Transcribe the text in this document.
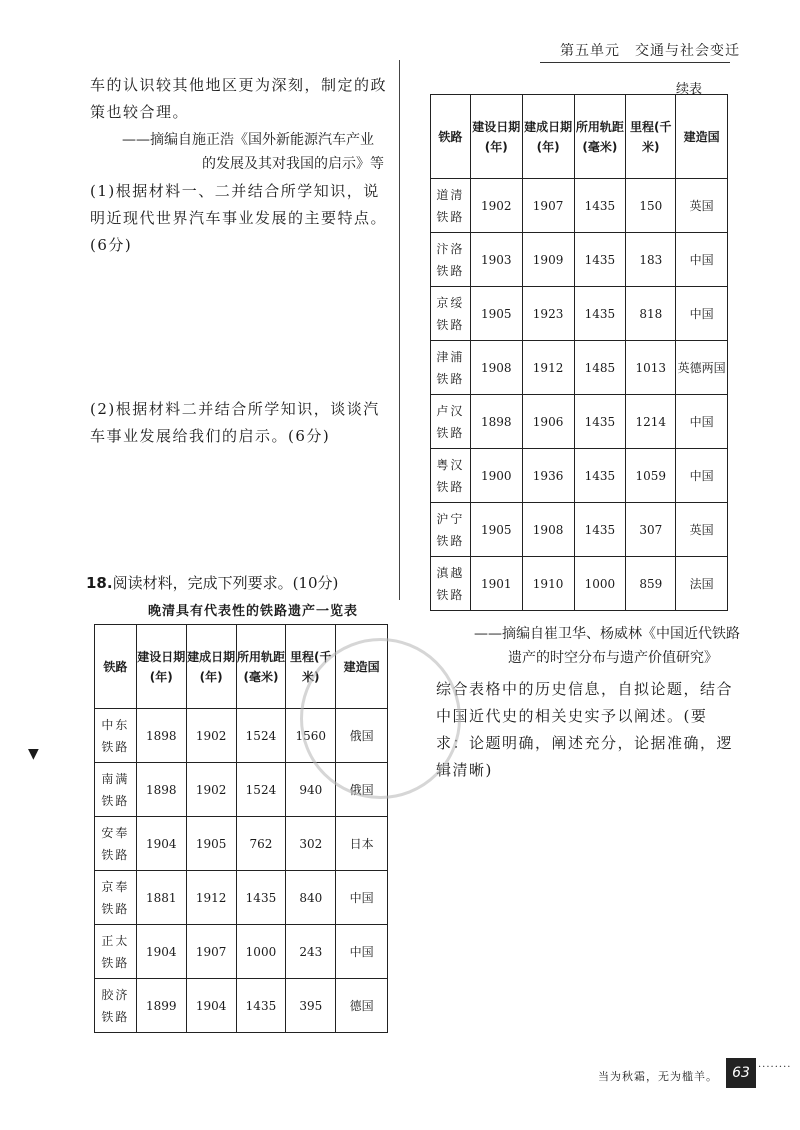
第五单元　交通与社会变迁
车的认识较其他地区更为深刻，制定的政策也较合理。
——摘编自施正浩《国外新能源汽车产业
的发展及其对我国的启示》等
(1)根据材料一、二并结合所学知识，说明近现代世界汽车事业发展的主要特点。(6分)
(2)根据材料二并结合所学知识，谈谈汽车事业发展给我们的启示。(6分)
18.阅读材料，完成下列要求。(10分)
晚清具有代表性的铁路遗产一览表
铁路	建设日期(年)	建成日期(年)	所用轨距(毫米)	里程(千米)	建造国
中东铁路	1898	1902	1524	1560	俄国
南满铁路	1898	1902	1524	940	俄国
安奉铁路	1904	1905	762	302	日本
京奉铁路	1881	1912	1435	840	中国
正太铁路	1904	1907	1000	243	中国
胶济铁路	1899	1904	1435	395	德国
续表
铁路	建设日期(年)	建成日期(年)	所用轨距(毫米)	里程(千米)	建造国
道清铁路	1902	1907	1435	150	英国
汴洛铁路	1903	1909	1435	183	中国
京绥铁路	1905	1923	1435	818	中国
津浦铁路	1908	1912	1485	1013	英德两国
卢汉铁路	1898	1906	1435	1214	中国
粤汉铁路	1900	1936	1435	1059	中国
沪宁铁路	1905	1908	1435	307	英国
滇越铁路	1901	1910	1000	859	法国
——摘编自崔卫华、杨威林《中国近代铁路
遗产的时空分布与遗产价值研究》
综合表格中的历史信息，自拟论题，结合中国近代史的相关史实予以阐述。(要求：论题明确，阐述充分，论据准确，逻辑清晰)
▼
当为秋霜，无为槛羊。	63 ········
